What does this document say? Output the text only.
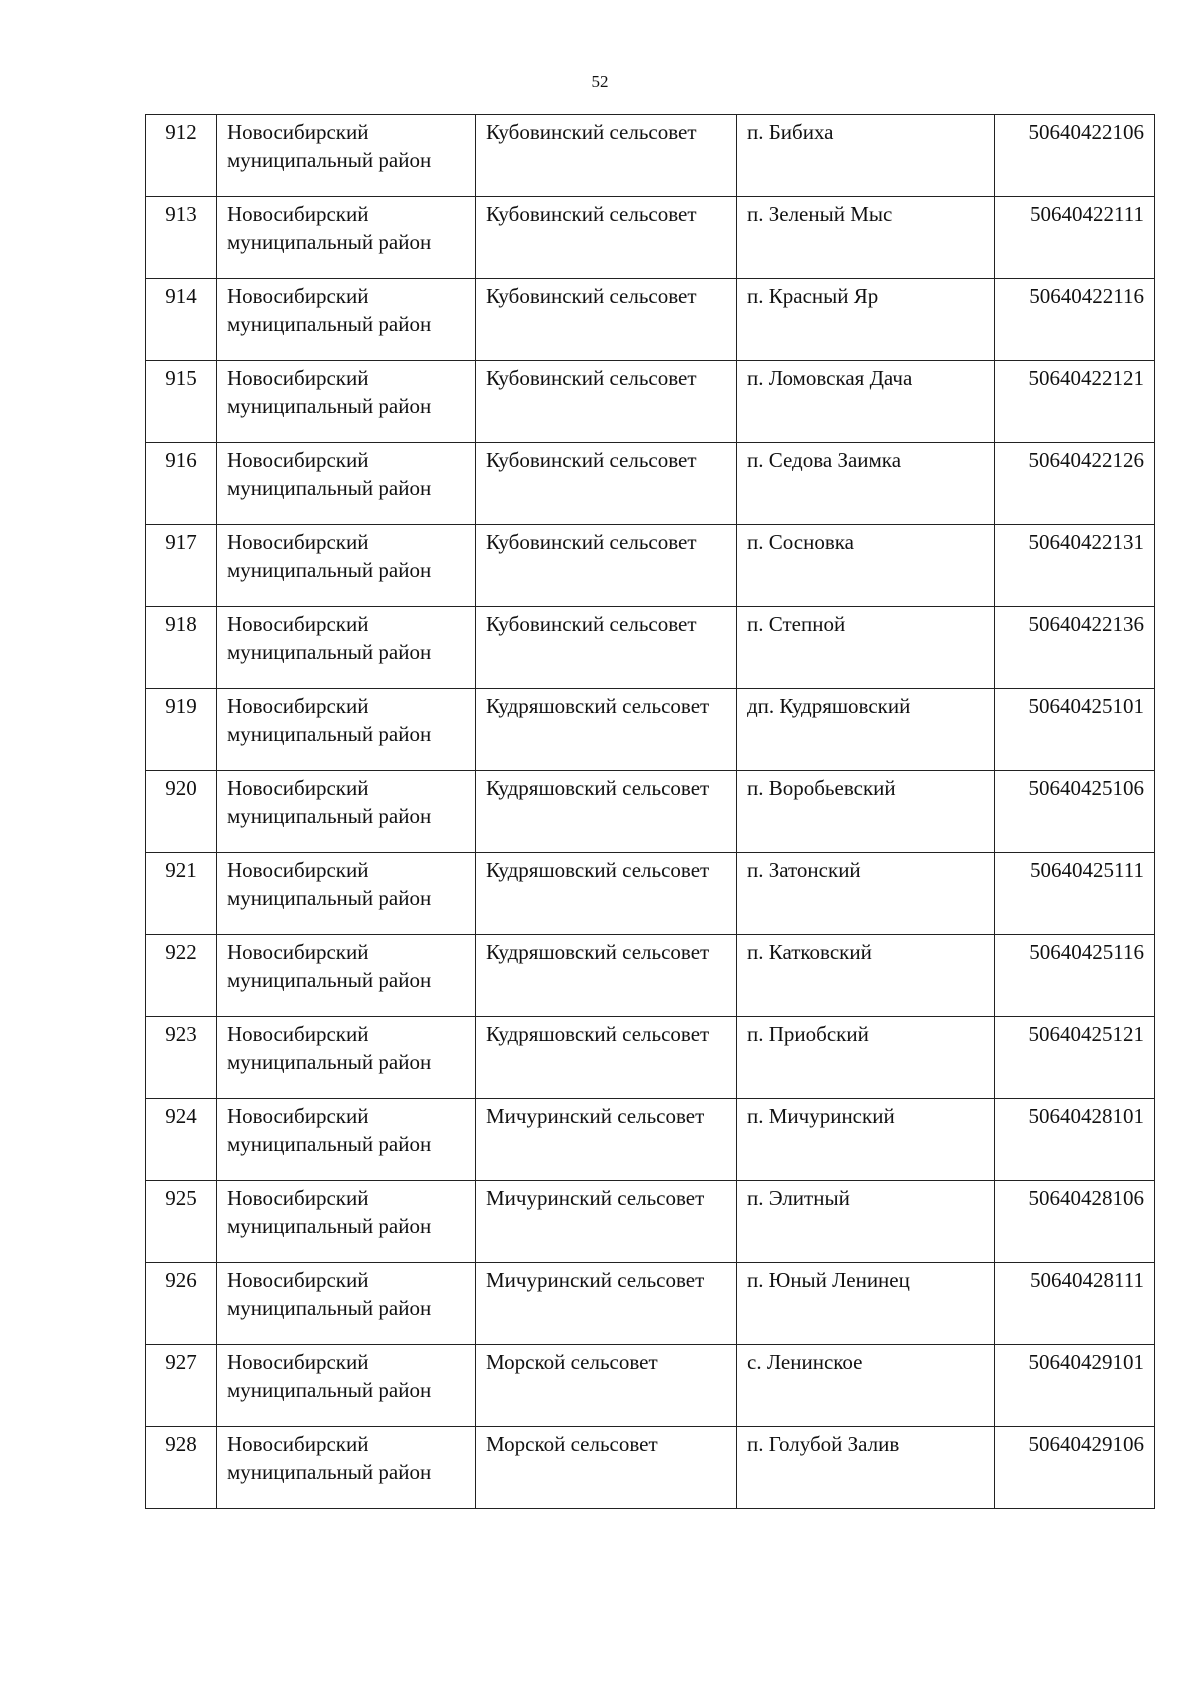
52
912	Новосибирский муниципальный район	Кубовинский сельсовет	п. Бибиха	50640422106
913	Новосибирский муниципальный район	Кубовинский сельсовет	п. Зеленый Мыс	50640422111
914	Новосибирский муниципальный район	Кубовинский сельсовет	п. Красный Яр	50640422116
915	Новосибирский муниципальный район	Кубовинский сельсовет	п. Ломовская Дача	50640422121
916	Новосибирский муниципальный район	Кубовинский сельсовет	п. Седова Заимка	50640422126
917	Новосибирский муниципальный район	Кубовинский сельсовет	п. Сосновка	50640422131
918	Новосибирский муниципальный район	Кубовинский сельсовет	п. Степной	50640422136
919	Новосибирский муниципальный район	Кудряшовский сельсовет	дп. Кудряшовский	50640425101
920	Новосибирский муниципальный район	Кудряшовский сельсовет	п. Воробьевский	50640425106
921	Новосибирский муниципальный район	Кудряшовский сельсовет	п. Затонский	50640425111
922	Новосибирский муниципальный район	Кудряшовский сельсовет	п. Катковский	50640425116
923	Новосибирский муниципальный район	Кудряшовский сельсовет	п. Приобский	50640425121
924	Новосибирский муниципальный район	Мичуринский сельсовет	п. Мичуринский	50640428101
925	Новосибирский муниципальный район	Мичуринский сельсовет	п. Элитный	50640428106
926	Новосибирский муниципальный район	Мичуринский сельсовет	п. Юный Ленинец	50640428111
927	Новосибирский муниципальный район	Морской сельсовет	с. Ленинское	50640429101
928	Новосибирский муниципальный район	Морской сельсовет	п. Голубой Залив	50640429106
